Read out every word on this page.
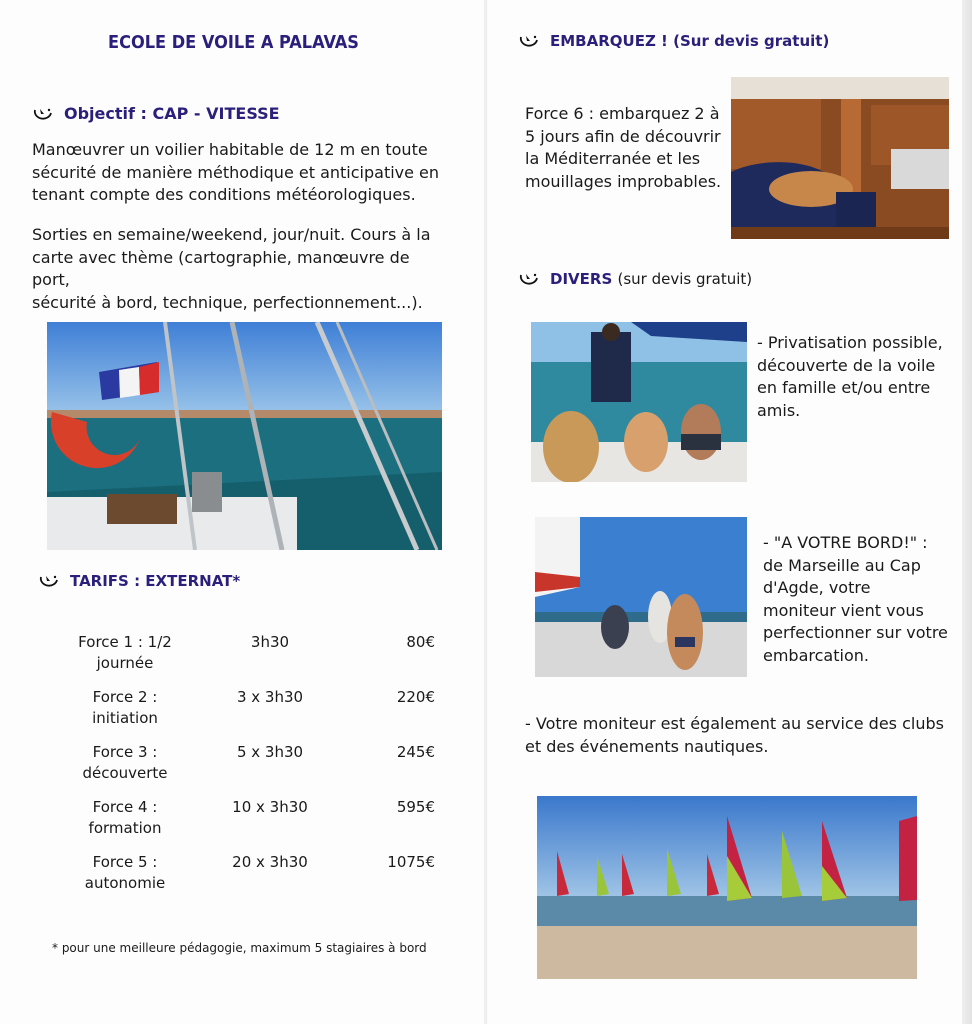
ECOLE DE VOILE A PALAVAS
Objectif : CAP - VITESSE
Manœuvrer un voilier habitable de 12 m en toute
sécurité de manière méthodique et anticipative en
tenant compte des conditions météorologiques.
Sorties en semaine/weekend, jour/nuit. Cours à la
carte avec thème (cartographie, manœuvre de port,
sécurité à bord, technique, perfectionnement...).
TARIFS : EXTERNAT*
Force 1 : 1/2
journée	3h30	80€

Force 2 :
initiation	3 x 3h30	220€

Force 3 :
découverte	5 x 3h30	245€

Force 4 :
formation	10 x 3h30	595€

Force 5 :
autonomie	20 x 3h30	1075€
* pour une meilleure pédagogie, maximum 5 stagiaires à bord
EMBARQUEZ ! (Sur devis gratuit)
Force 6 : embarquez 2 à
5 jours afin de découvrir
la Méditerranée et les
mouillages improbables.
DIVERS (sur devis gratuit)
- Privatisation possible,
découverte de la voile
en famille et/ou entre
amis.
- "A VOTRE BORD!" :
de Marseille au Cap
d'Agde, votre
moniteur vient vous
perfectionner sur votre
embarcation.
- Votre moniteur est également au service des clubs
et des événements nautiques.
